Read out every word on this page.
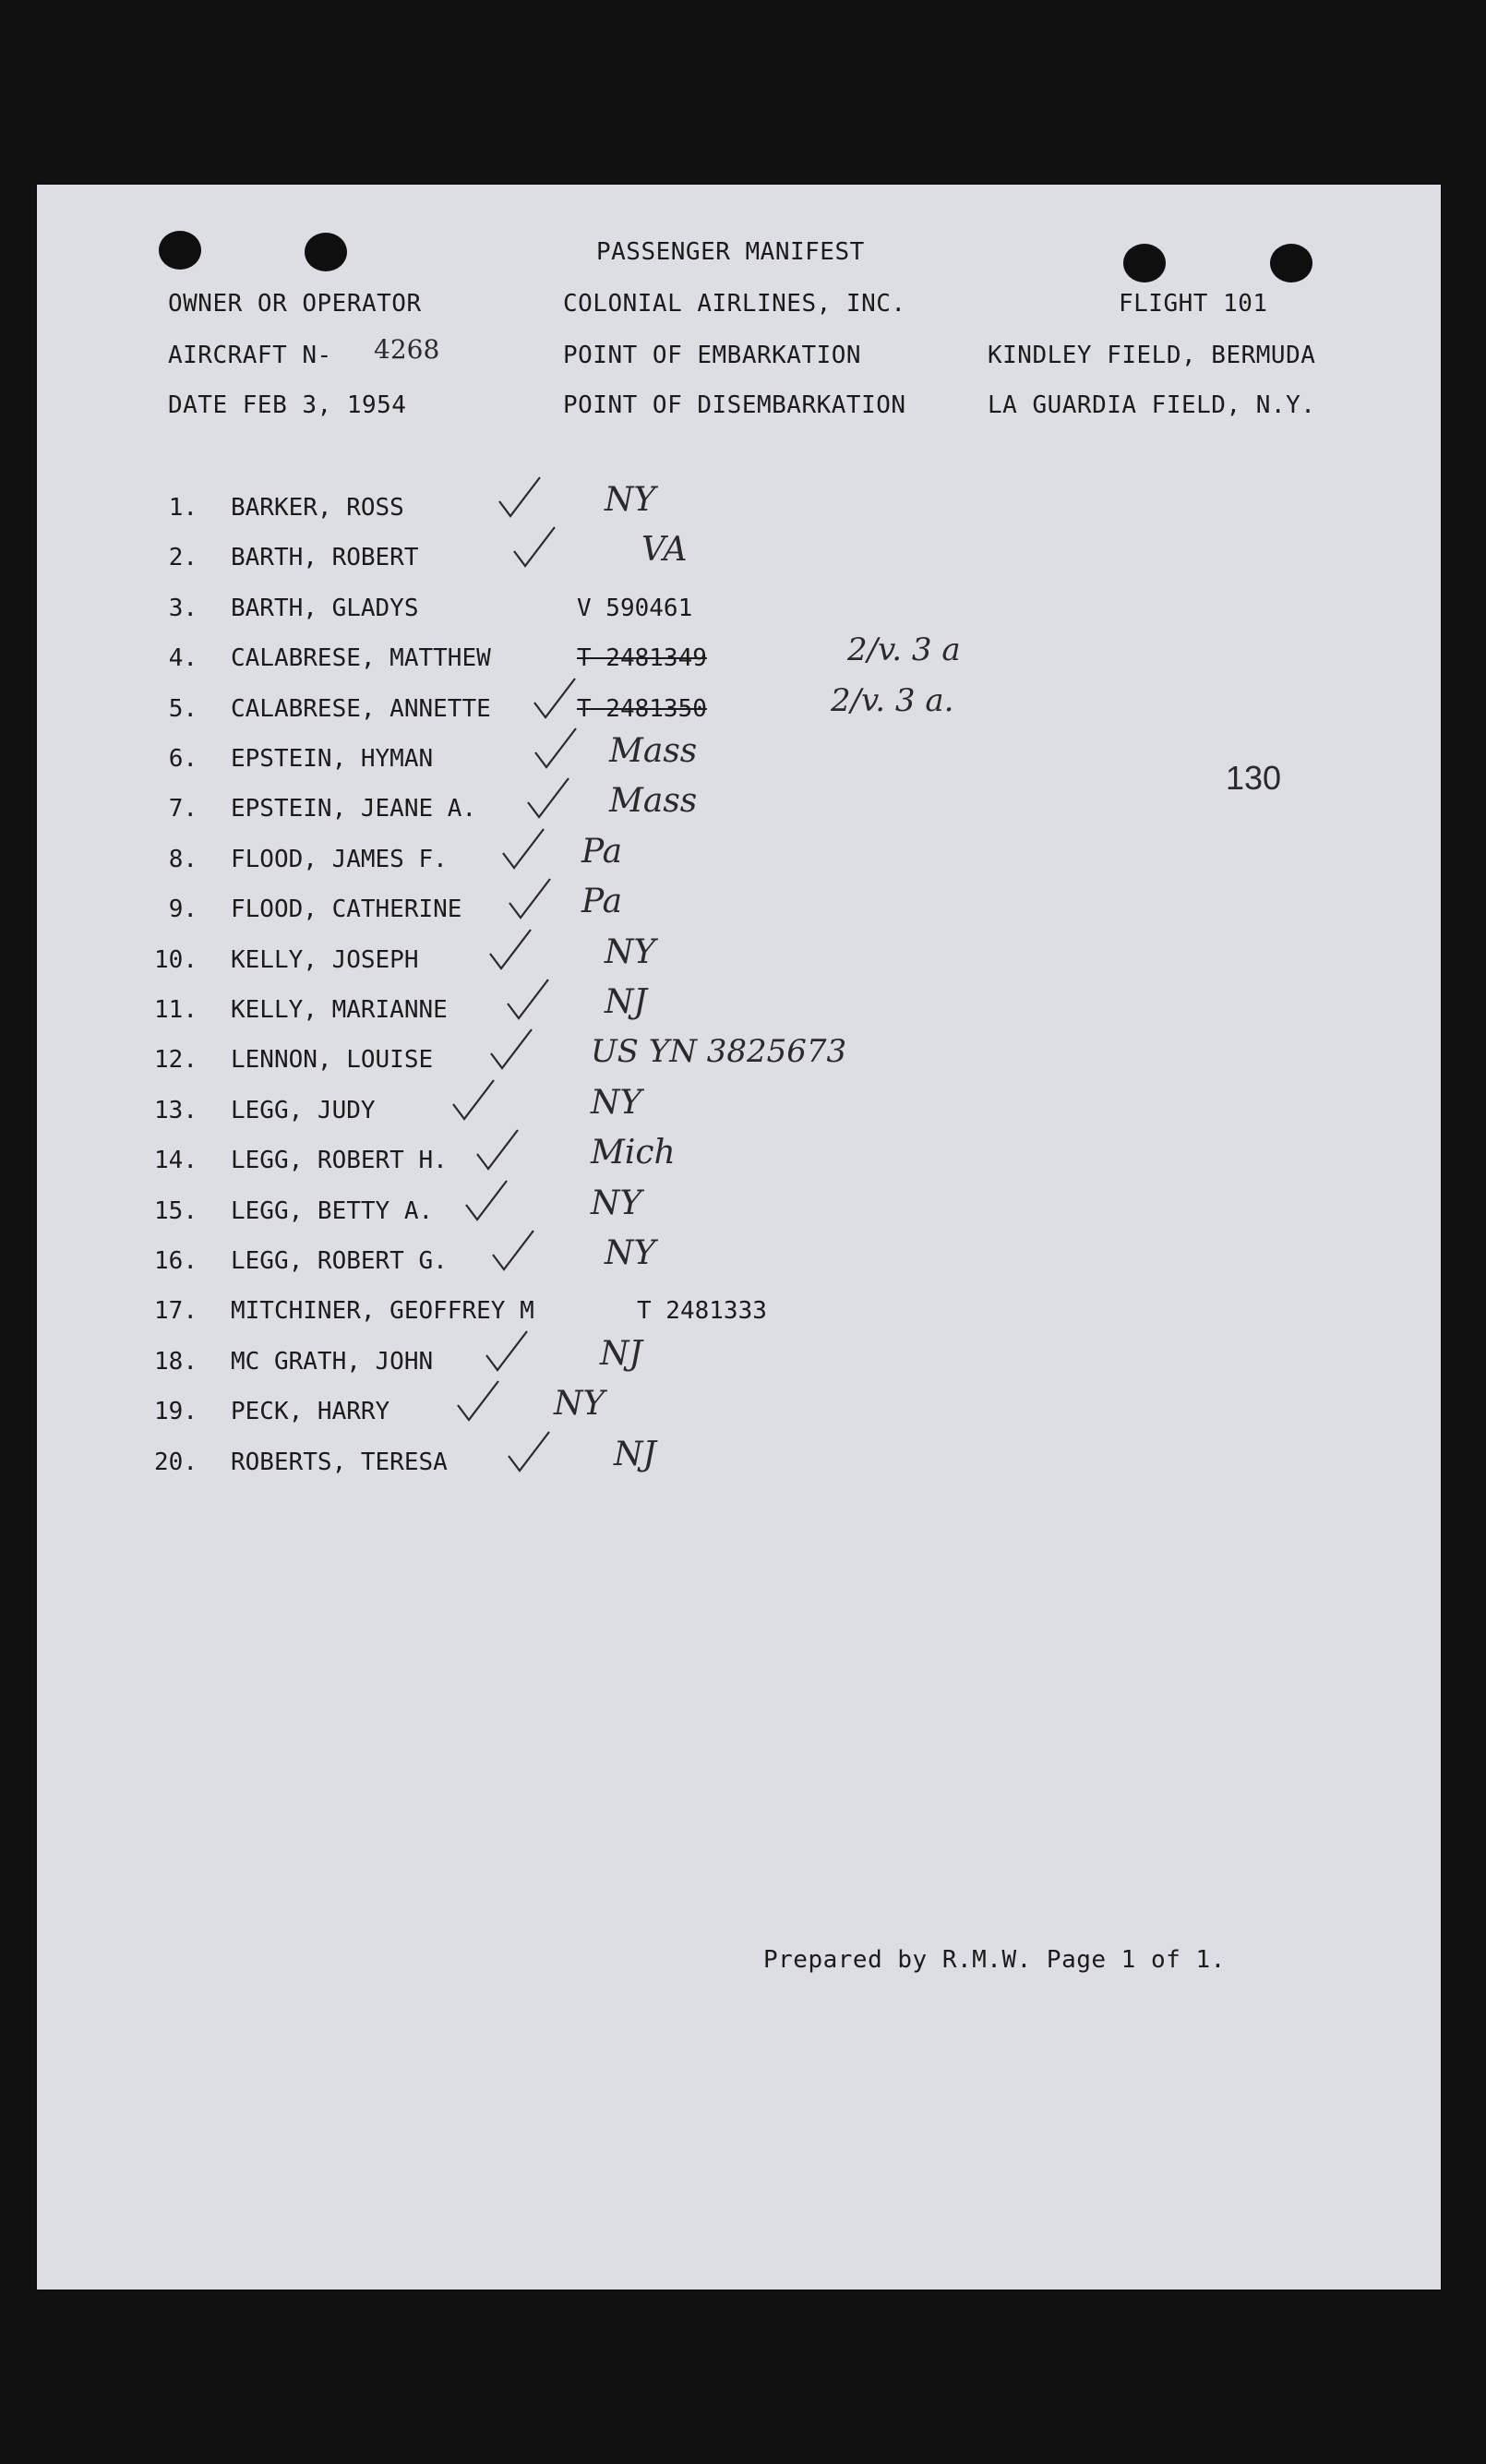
PASSENGER MANIFEST
OWNER OR OPERATOR	COLONIAL AIRLINES, INC.	FLIGHT 101
AIRCRAFT N- 4268	POINT OF EMBARKATION	KINDLEY FIELD, BERMUDA
DATE FEB 3, 1954	POINT OF DISEMBARKATION	LA GUARDIA FIELD, N.Y.
1. BARKER, ROSS	NY
2. BARTH, ROBERT	VA
3. BARTH, GLADYS	V 590461
4. CALABRESE, MATTHEW	T 2481349	2/v. 3 a
5. CALABRESE, ANNETTE	T 2481350	2/v. 3 a.
6. EPSTEIN, HYMAN	Mass
7. EPSTEIN, JEANE A.	Mass
8. FLOOD, JAMES F.	Pa
9. FLOOD, CATHERINE	Pa
10. KELLY, JOSEPH	NY
11. KELLY, MARIANNE	NJ
12. LENNON, LOUISE	US YN 3825673
13. LEGG, JUDY	NY
14. LEGG, ROBERT H.	Mich
15. LEGG, BETTY A.	NY
16. LEGG, ROBERT G.	NY
17. MITCHINER, GEOFFREY M	T 2481333
18. MC GRATH, JOHN	NJ
19. PECK, HARRY	NY
20. ROBERTS, TERESA	NJ
130
Prepared by R.M.W. Page 1 of 1.
